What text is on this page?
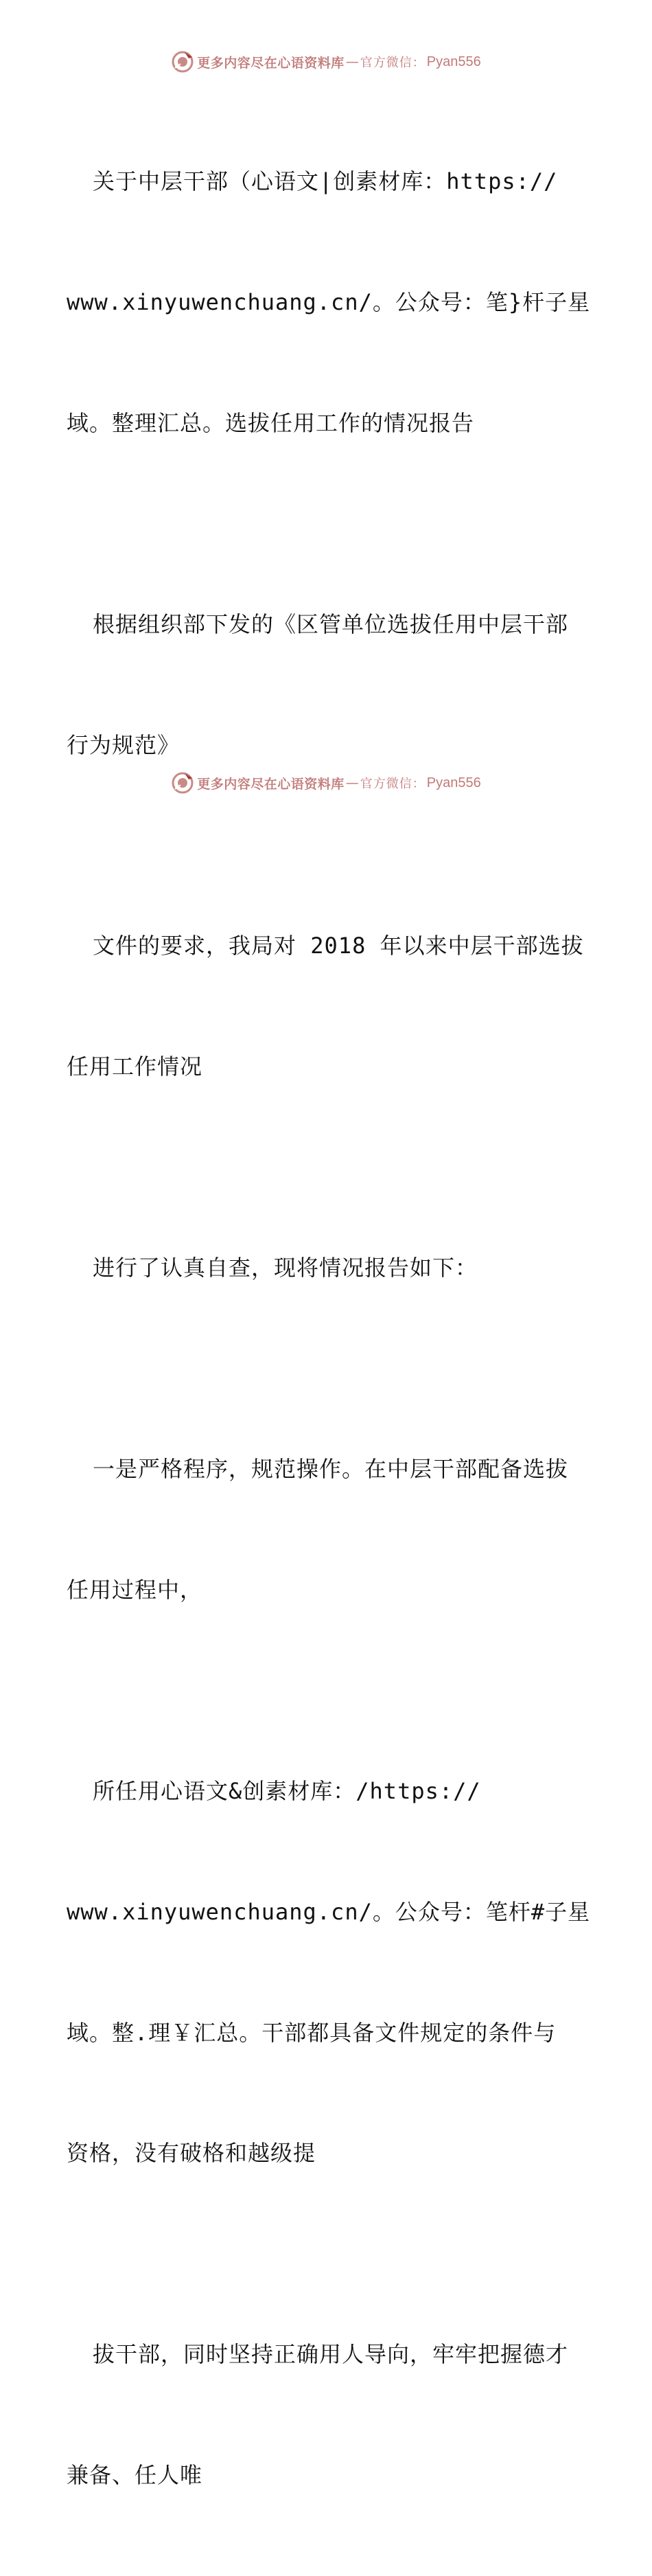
更多内容尽在心语资料库 — 官方微信： Pyan556

关于中层干部（心语文|创素材库：https://

www.xinyuwenchuang.cn/。公众号：笔}杆子星

域。整理汇总。选拔任用工作的情况报告

根据组织部下发的《区管单位选拔任用中层干部

行为规范》

文件的要求，我局对 2018 年以来中层干部选拔

任用工作情况

进行了认真自查，现将情况报告如下：

一是严格程序，规范操作。在中层干部配备选拔

任用过程中，

所任用心语文&创素材库：/https://

www.xinyuwenchuang.cn/。公众号：笔杆#子星

域。整.理￥汇总。干部都具备文件规定的条件与

资格，没有破格和越级提

拔干部，同时坚持正确用人导向，牢牢把握德才

兼备、任人唯

更多内容尽在心语资料库 — 官方微信： Pyan556
